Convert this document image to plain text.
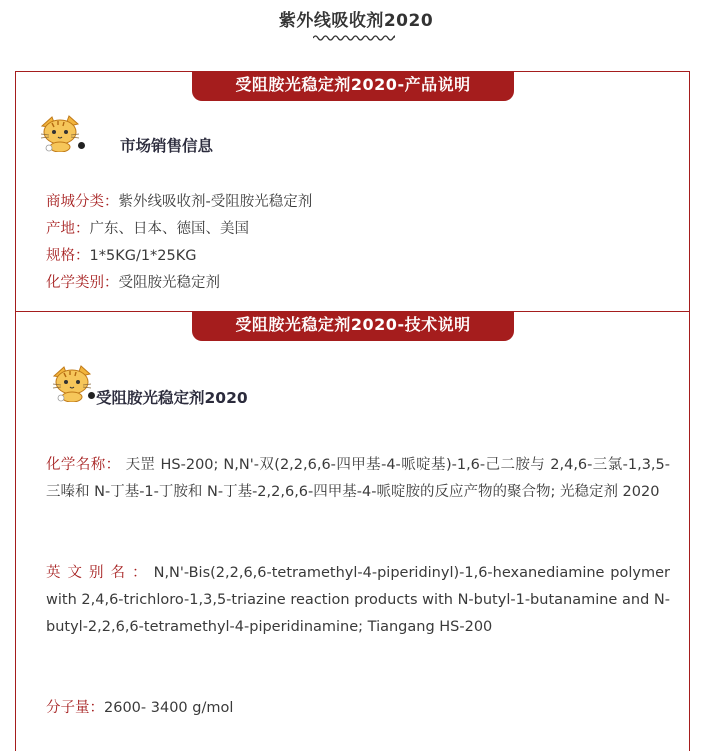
紫外线吸收剂2020
受阻胺光稳定剂2020-产品说明
市场销售信息
商城分类：紫外线吸收剂-受阻胺光稳定剂
产地：广东、日本、德国、美国
规格：1*5KG/1*25KG
化学类别：受阻胺光稳定剂
受阻胺光稳定剂2020-技术说明
受阻胺光稳定剂2020
化学名称： 天罡 HS-200; N,N'-双(2,2,6,6-四甲基-4-哌啶基)-1,6-己二胺与 2,4,6-三氯-1,3,5-三嗪和 N-丁基-1-丁胺和 N-丁基-2,2,6,6-四甲基-4-哌啶胺的反应产物的聚合物; 光稳定剂 2020
英 文 别 名 ： N,N'-Bis(2,2,6,6-tetramethyl-4-piperidinyl)-1,6-hexanediamine polymer with 2,4,6-trichloro-1,3,5-triazine reaction products with N-butyl-1-butanamine and N-butyl-2,2,6,6-tetramethyl-4-piperidinamine; Tiangang HS-200
分子量：2600- 3400 g/mol
